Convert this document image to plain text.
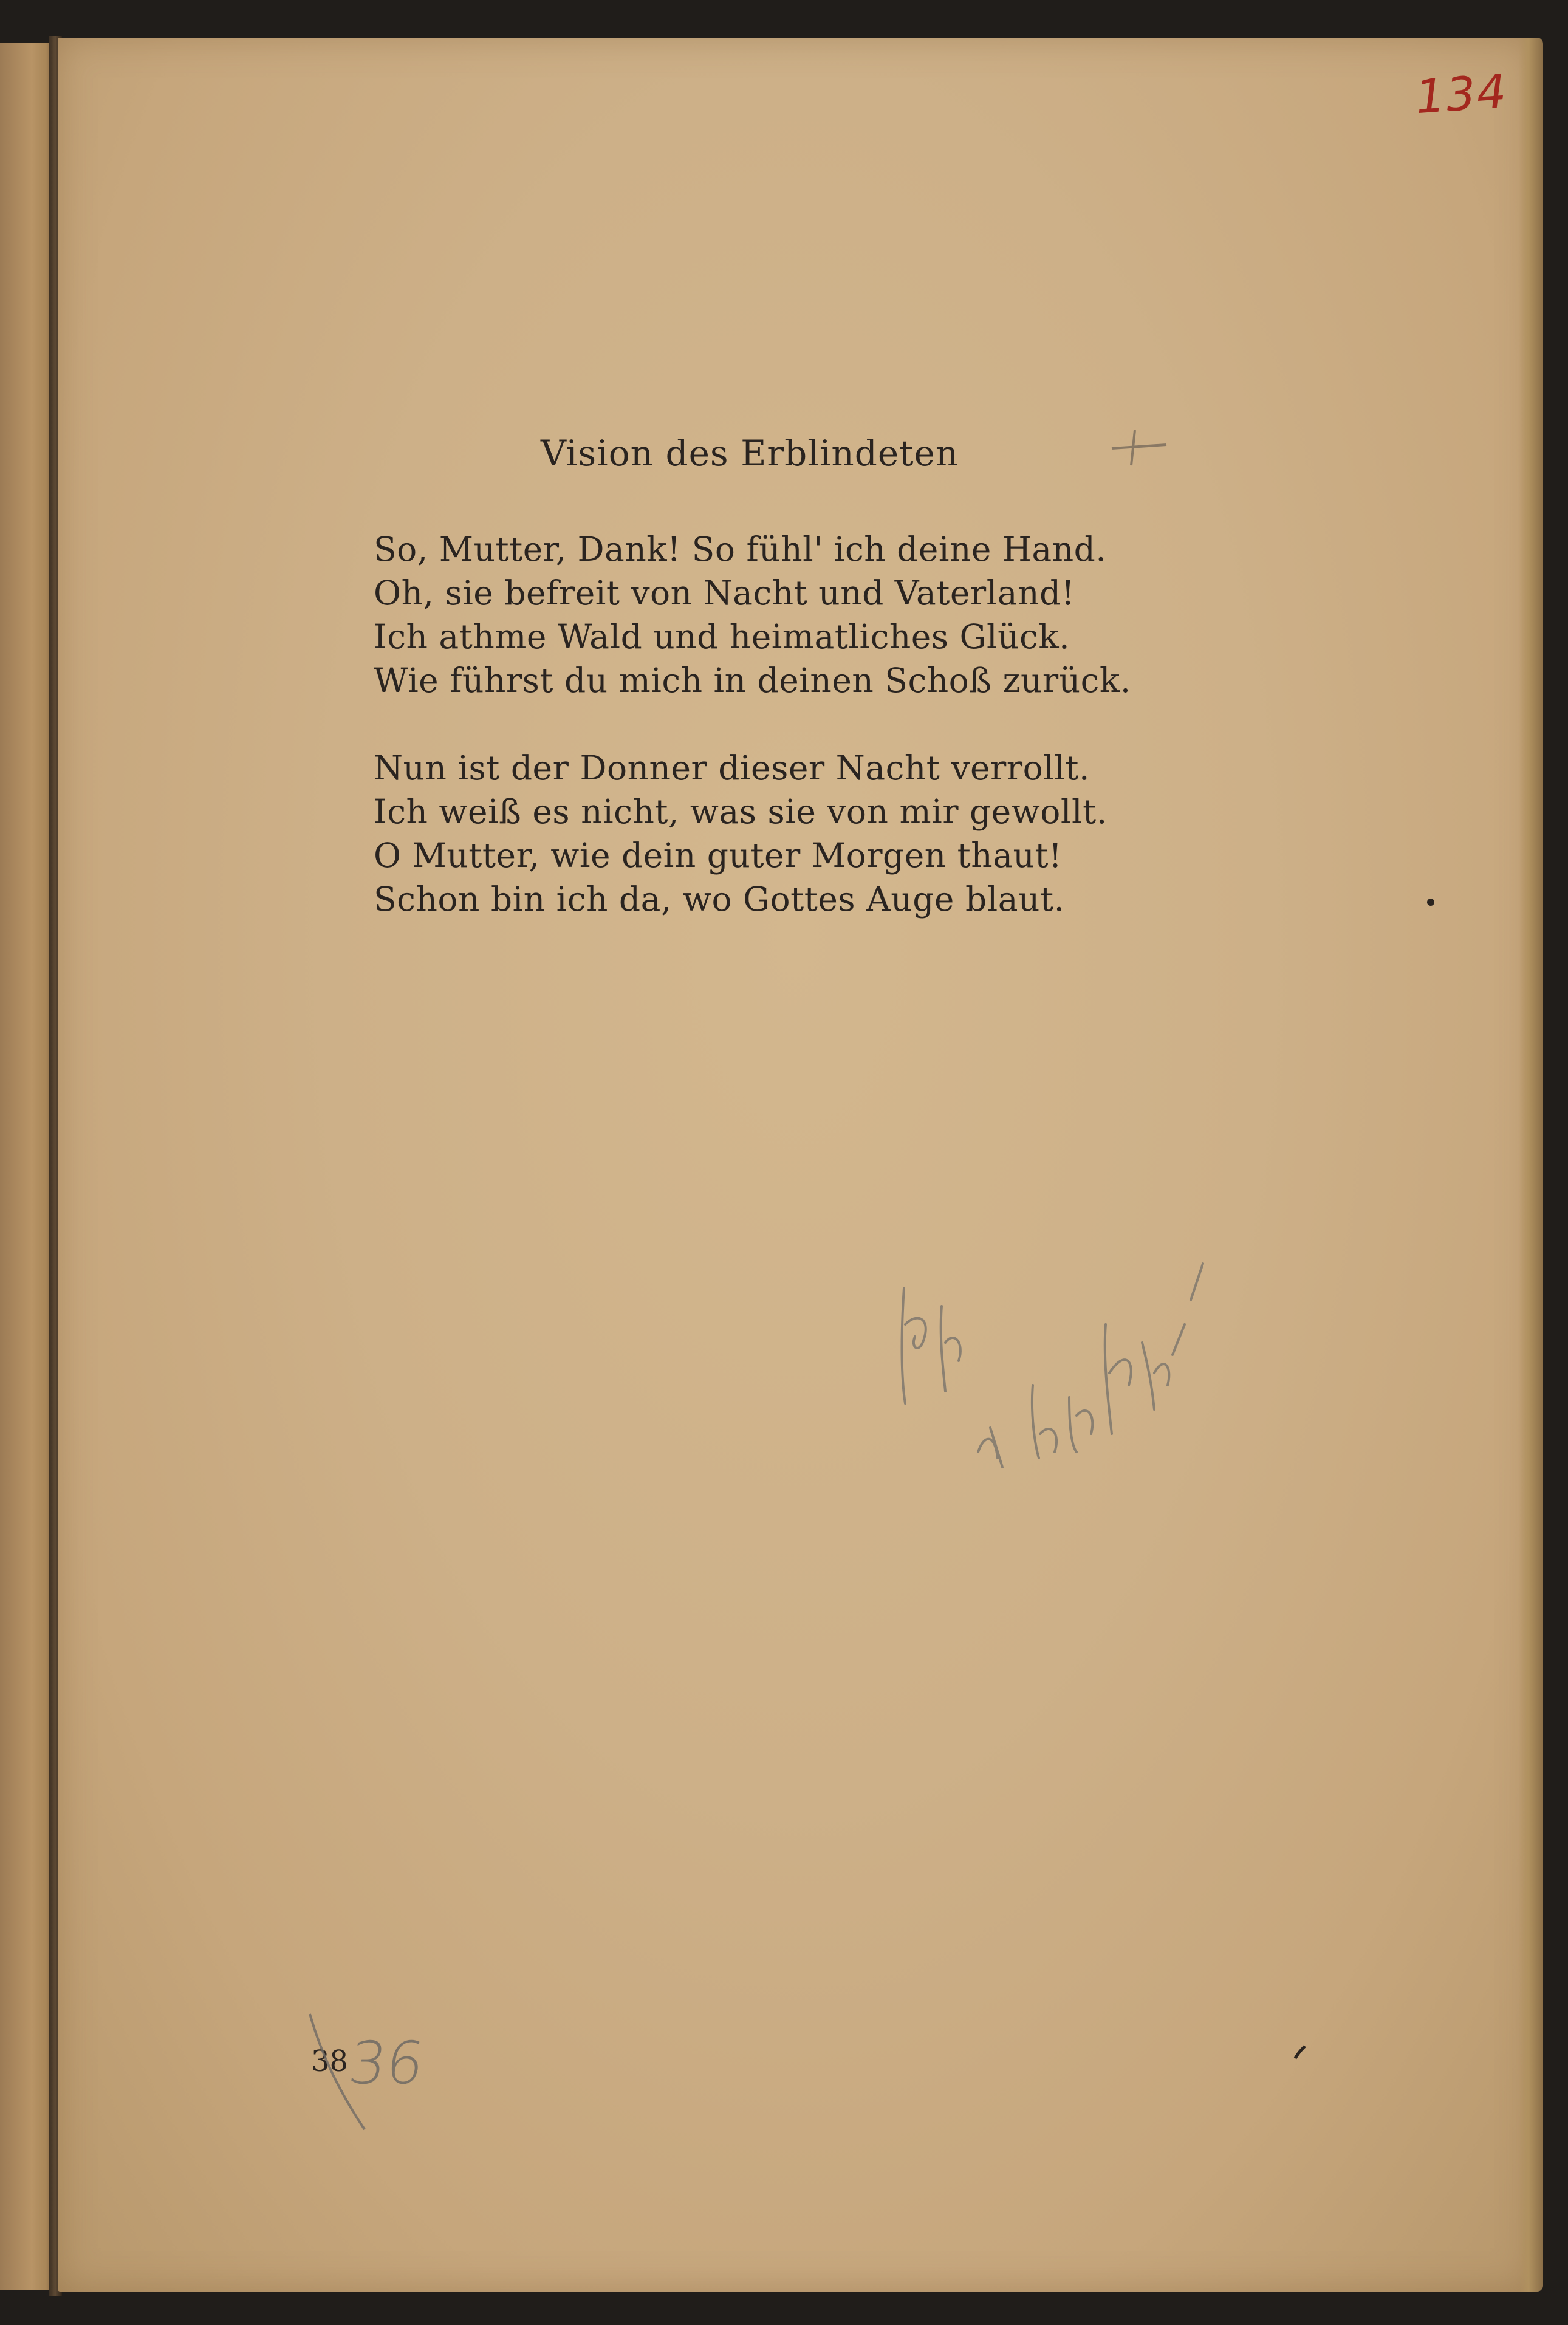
134
Vision des Erblindeten
So, Mutter, Dank! So fühl' ich deine Hand.
Oh, sie befreit von Nacht und Vaterland!
Ich athme Wald und heimatliches Glück.
Wie führst du mich in deinen Schoß zurück.
Nun ist der Donner dieser Nacht verrollt.
Ich weiß es nicht, was sie von mir gewollt.
O Mutter, wie dein guter Morgen thaut!
Schon bin ich da, wo Gottes Auge blaut.
38
36
